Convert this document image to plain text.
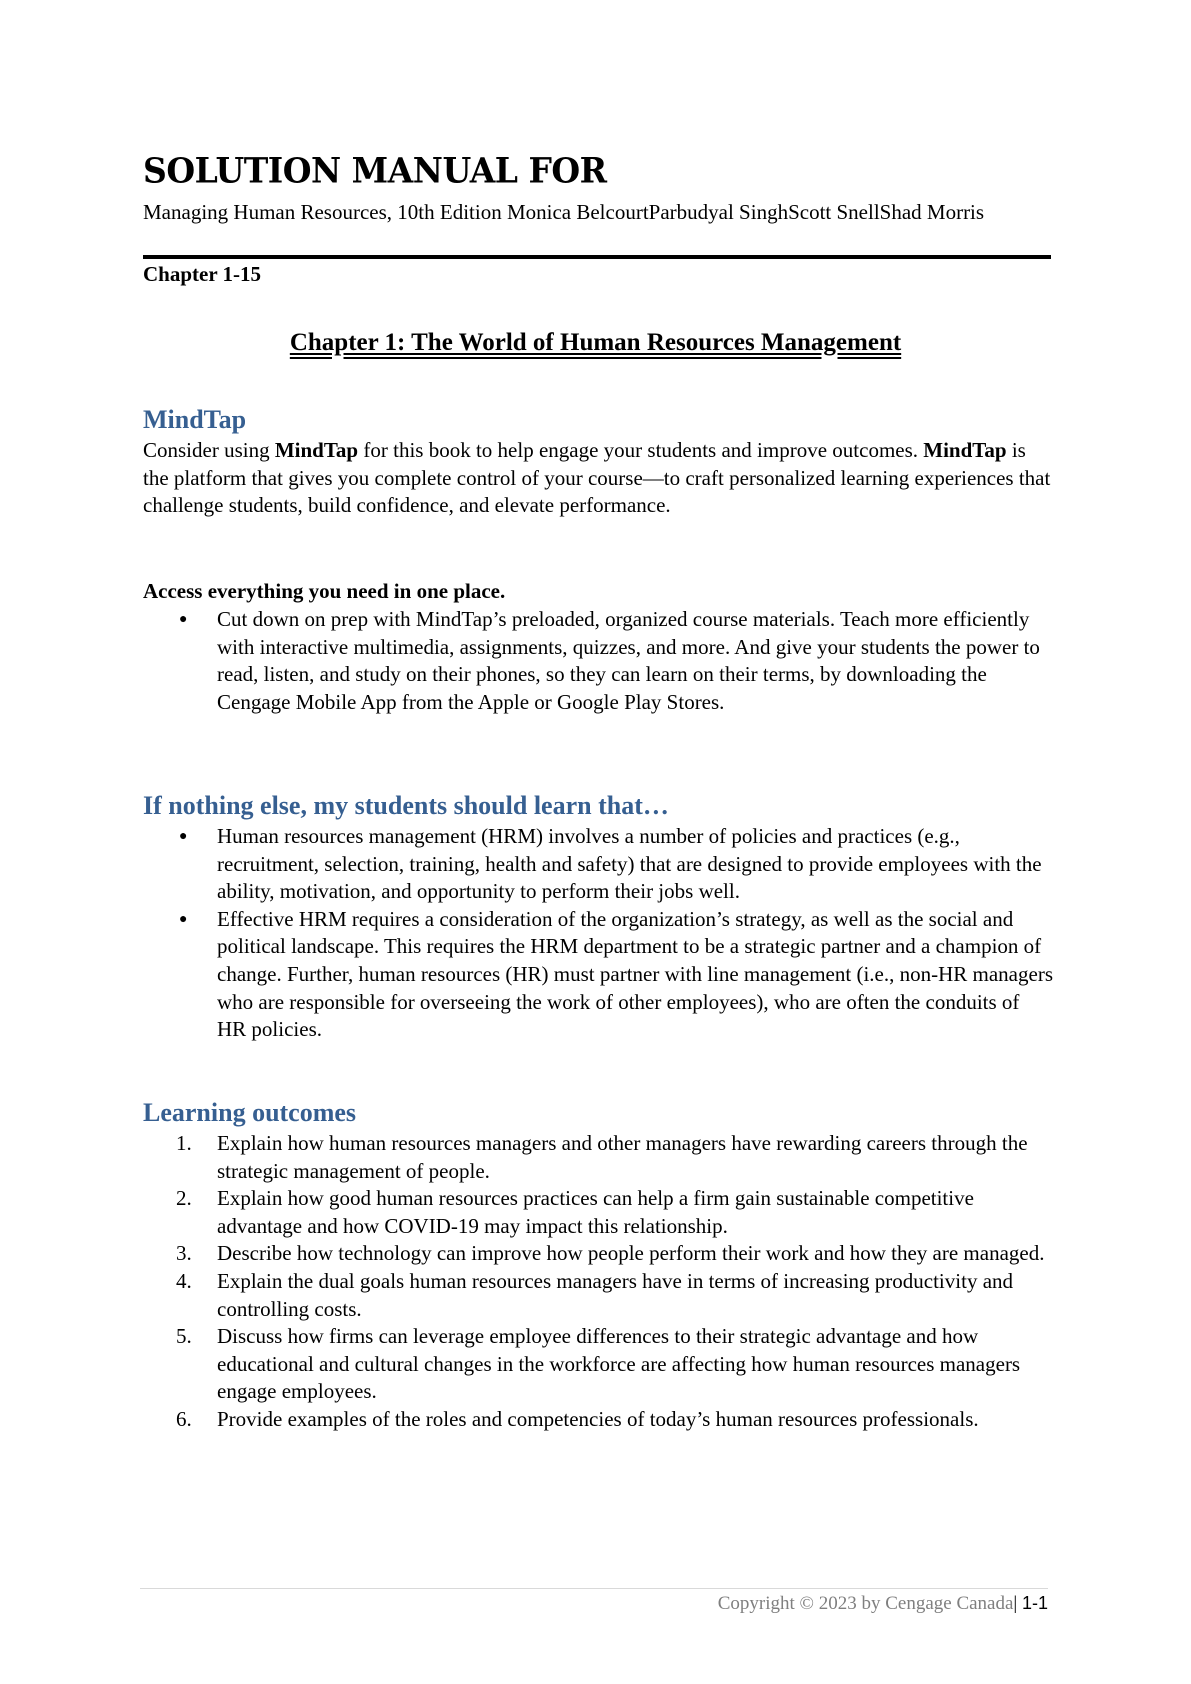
SOLUTION MANUAL FOR
Managing Human Resources, 10th Edition Monica BelcourtParbudyal SinghScott SnellShad Morris
Chapter 1-15
Chapter 1: The World of Human Resources Management
MindTap
Consider using MindTap for this book to help engage your students and improve outcomes. MindTap is the platform that gives you complete control of your course—to craft personalized learning experiences that challenge students, build confidence, and elevate performance.
Access everything you need in one place.
● Cut down on prep with MindTap’s preloaded, organized course materials. Teach more efficiently with interactive multimedia, assignments, quizzes, and more. And give your students the power to read, listen, and study on their phones, so they can learn on their terms, by downloading the Cengage Mobile App from the Apple or Google Play Stores.
If nothing else, my students should learn that…
● Human resources management (HRM) involves a number of policies and practices (e.g., recruitment, selection, training, health and safety) that are designed to provide employees with the ability, motivation, and opportunity to perform their jobs well.
● Effective HRM requires a consideration of the organization’s strategy, as well as the social and political landscape. This requires the HRM department to be a strategic partner and a champion of change. Further, human resources (HR) must partner with line management (i.e., non-HR managers who are responsible for overseeing the work of other employees), who are often the conduits of HR policies.
Learning outcomes
1. Explain how human resources managers and other managers have rewarding careers through the strategic management of people.
2. Explain how good human resources practices can help a firm gain sustainable competitive advantage and how COVID-19 may impact this relationship.
3. Describe how technology can improve how people perform their work and how they are managed.
4. Explain the dual goals human resources managers have in terms of increasing productivity and controlling costs.
5. Discuss how firms can leverage employee differences to their strategic advantage and how educational and cultural changes in the workforce are affecting how human resources managers engage employees.
6. Provide examples of the roles and competencies of today’s human resources professionals.
Copyright © 2023 by Cengage Canada| 1-1
